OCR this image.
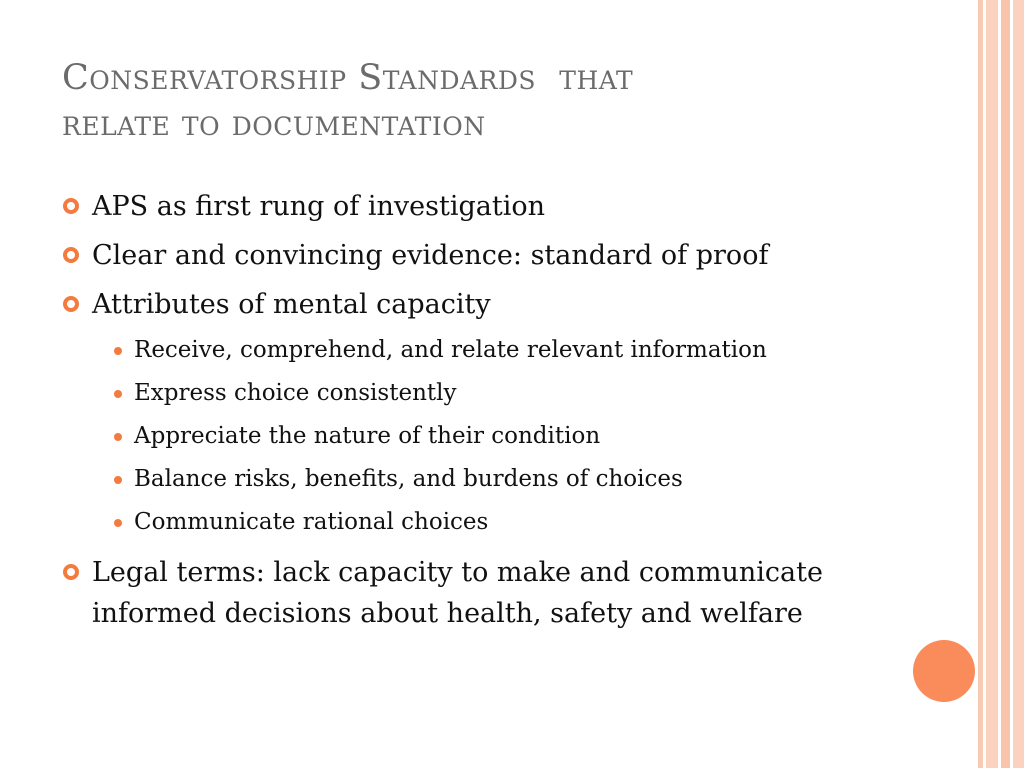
Conservatorship Standards  that
relate to documentation
APS as first rung of investigation
Clear and convincing evidence: standard of proof
Attributes of mental capacity
Receive, comprehend, and relate relevant information
Express choice consistently
Appreciate the nature of their condition
Balance risks, benefits, and burdens of choices
Communicate rational choices
Legal terms: lack capacity to make and communicate informed decisions about health, safety and welfare
